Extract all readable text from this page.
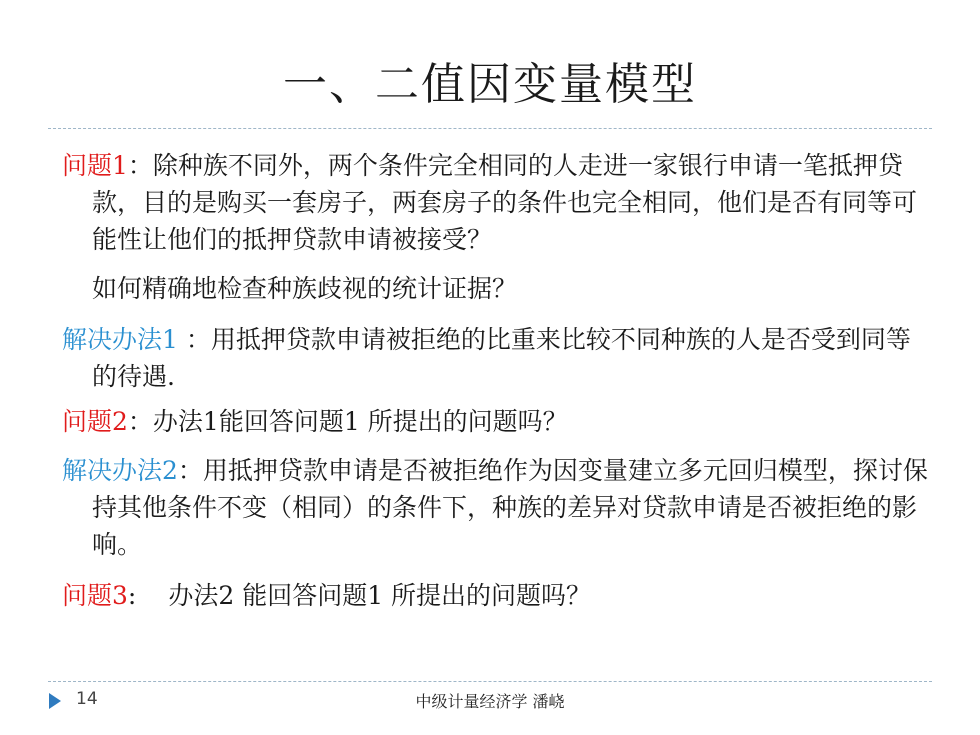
一、二值因变量模型

问题1：除种族不同外，两个条件完全相同的人走进一家银行申请一笔抵押贷款，目的是购买一套房子，两套房子的条件也完全相同，他们是否有同等可能性让他们的抵押贷款申请被接受？

如何精确地检查种族歧视的统计证据？

解决办法1 ：用抵押贷款申请被拒绝的比重来比较不同种族的人是否受到同等的待遇.

问题2：办法1能回答问题1 所提出的问题吗？

解决办法2：用抵押贷款申请是否被拒绝作为因变量建立多元回归模型，探讨保持其他条件不变（相同）的条件下，种族的差异对贷款申请是否被拒绝的影响。

问题3: 办法2 能回答问题1 所提出的问题吗？

14	中级计量经济学 潘峣
